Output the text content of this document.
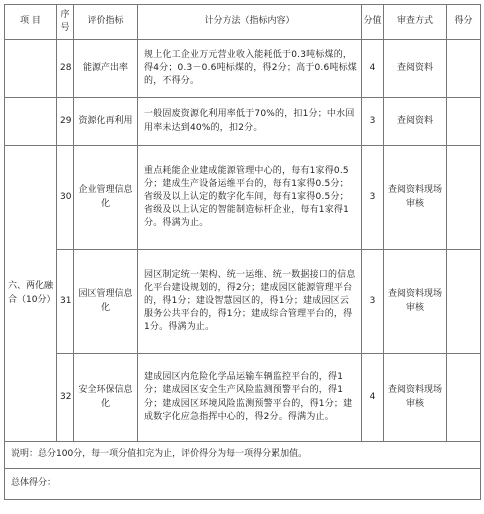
项 目	序号	评价指标	计分方法（指标内容）	分值	审查方式	得分
	28	能源产出率	规上化工企业万元营业收入能耗低于0.3吨标煤的，得4分；0.3－0.6吨标煤的，得2分；高于0.6吨标煤的，不得分。	4	查阅资料	
	29	资源化再利用	一般固废资源化利用率低于70%的，扣1分；中水回用率未达到40%的，扣2分。	3	查阅资料	
六、两化融合（10分）	30	企业管理信息化	重点耗能企业建成能源管理中心的，每有1家得0.5分；建成生产设备运维平台的，每有1家得0.5分；省级及以上认定的数字化车间，每有1家得0.5分；省级及以上认定的智能制造标杆企业，每有1家得1分。得满为止。	3	查阅资料现场审核	
	31	园区管理信息化	园区制定统一架构、统一运维、统一数据接口的信息化平台建设规划的，得2分；建成园区能源管理平台的，得1分；建设智慧园区的，得1分；建成园区云服务公共平台的，得1分；建成综合管理平台的，得1分。得满为止。	3	查阅资料现场审核	
	32	安全环保信息化	建成园区内危险化学品运输车辆监控平台的，得1分；建成园区安全生产风险监测预警平台的，得1分；建成园区环境风险监测预警平台的，得1分；建成数字化应急指挥中心的，得2分。得满为止。	4	查阅资料现场审核	
说明：总分100分，每一项分值扣完为止，评价得分为每一项得分累加值。						
总体得分：						
